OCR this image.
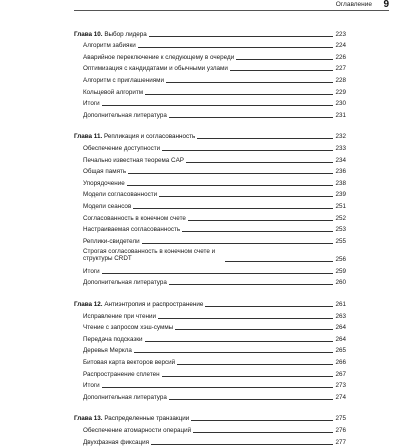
Оглавление 9
Глава 10. Выбор лидера	223
Алгоритм забияки	224
Аварийное переключение к следующему в очереди	226
Оптимизация с кандидатами и обычными узлами	227
Алгоритм с приглашениями	228
Кольцевой алгоритм	229
Итоги	230
Дополнительная литература	231
Глава 11. Репликация и согласованность	232
Обеспечение доступности	233
Печально известная теорема CAP	234
Общая память	236
Упорядочение	238
Модели согласованности	239
Модели сеансов	251
Согласованность в конечном счете	252
Настраиваемая согласованность	253
Реплики-свидетели	255
Строгая согласованность в конечном счете и структуры CRDT	256
Итоги	259
Дополнительная литература	260
Глава 12. Антиэнтропия и распространение	261
Исправление при чтении	263
Чтение с запросом хэш-суммы	264
Передача подсказки	264
Деревья Меркла	265
Битовая карта векторов версий	266
Распространение сплетен	267
Итоги	273
Дополнительная литература	274
Глава 13. Распределенные транзакции	275
Обеспечение атомарности операций	276
Двухфазная фиксация	277
